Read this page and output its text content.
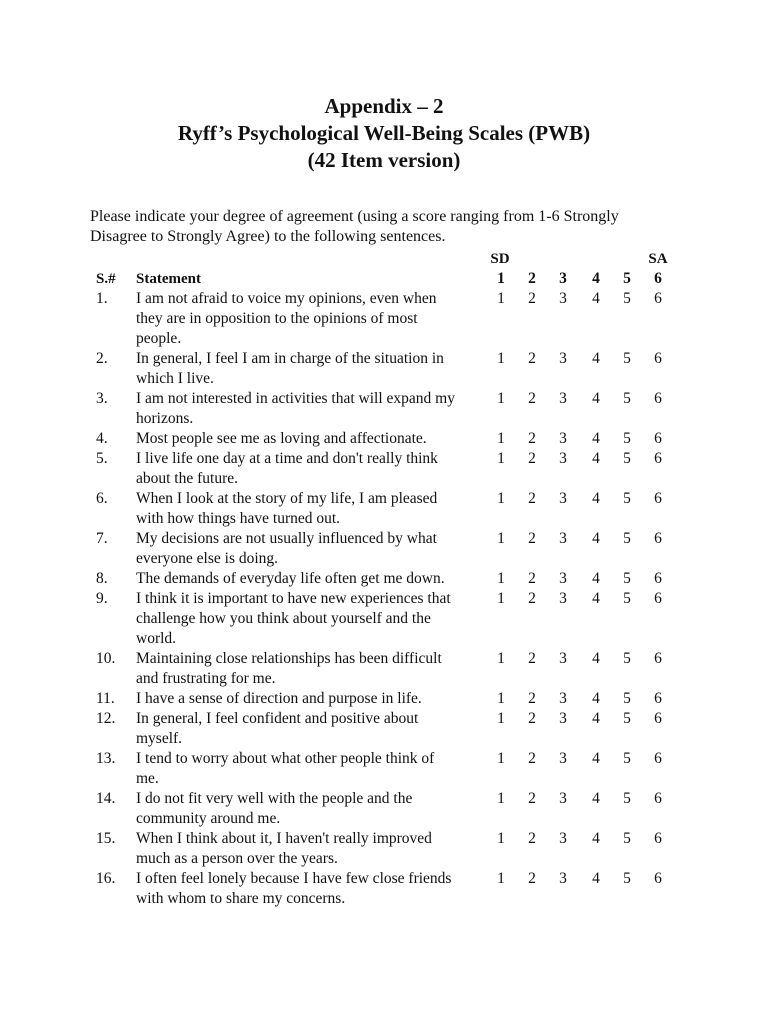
Appendix – 2
Ryff’s Psychological Well-Being Scales (PWB)
(42 Item version)
Please indicate your degree of agreement (using a score ranging from 1-6 Strongly
Disagree to Strongly Agree) to the following sentences.
SD	SA
S.# Statement	1	2	3	4	5	6
1.	I am not afraid to voice my opinions, even when
they are in opposition to the opinions of most
people.
1	2	3	4	5	6
2.	In general, I feel I am in charge of the situation in
which I live.
1	2	3	4	5	6
3.	I am not interested in activities that will expand my
horizons.
1	2	3	4	5	6
4.	Most people see me as loving and affectionate.	1	2	3	4	5	6
5.	I live life one day at a time and don't really think
about the future.
1	2	3	4	5	6
6.	When I look at the story of my life, I am pleased
with how things have turned out.
1	2	3	4	5	6
7.	My decisions are not usually influenced by what
everyone else is doing.
1	2	3	4	5	6
8.	The demands of everyday life often get me down.	1	2	3	4	5	6
9.	I think it is important to have new experiences that
challenge how you think about yourself and the
world.
1	2	3	4	5	6
10.	Maintaining close relationships has been difficult
and frustrating for me.
1	2	3	4	5	6
11.	I have a sense of direction and purpose in life.	1	2	3	4	5	6
12.	In general, I feel confident and positive about
myself.
1	2	3	4	5	6
13.	I tend to worry about what other people think of
me.
1	2	3	4	5	6
14.	I do not fit very well with the people and the
community around me.
1	2	3	4	5	6
15.	When I think about it, I haven't really improved
much as a person over the years.
1	2	3	4	5	6
16.	I often feel lonely because I have few close friends
with whom to share my concerns.
1	2	3	4	5	6
